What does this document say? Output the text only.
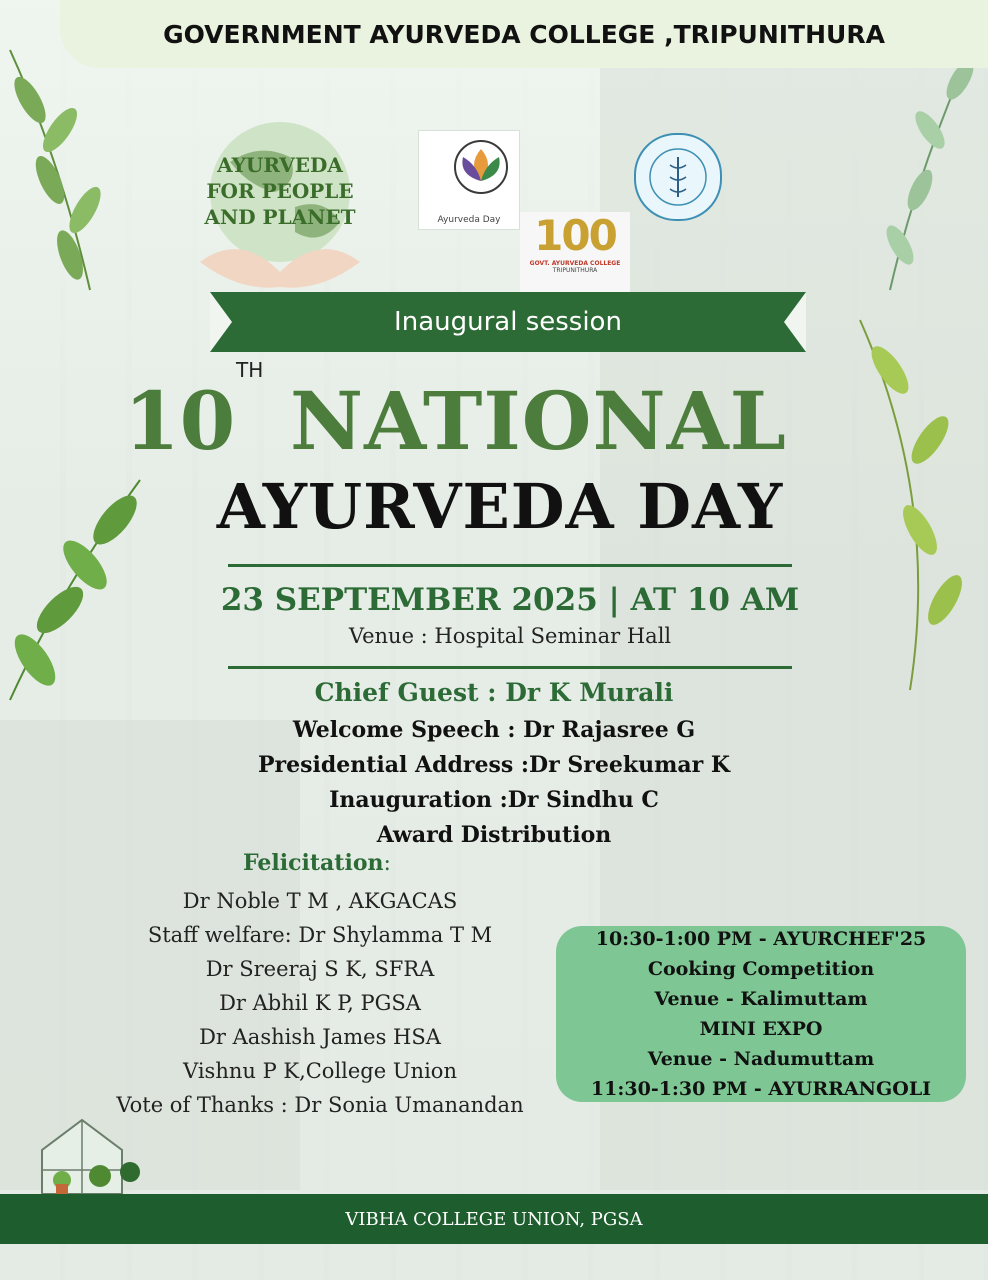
GOVERNMENT AYURVEDA COLLEGE ,TRIPUNITHURA
AYURVEDA
FOR PEOPLE
AND PLANET	Ayurveda Day 100
GOVT. AYURVEDA COLLEGE
TRIPUNITHURA
Inaugural session
10
TH
NATIONAL
AYURVEDA DAY
23 SEPTEMBER 2025 | AT 10 AM
Venue : Hospital Seminar Hall
Chief Guest : Dr K Murali
Welcome Speech : Dr Rajasree G
Presidential Address :Dr Sreekumar K
Inauguration :Dr Sindhu C
Award Distribution
Felicitation:
Dr Noble T M , AKGACAS
Staff welfare: Dr Shylamma T M
Dr Sreeraj S K, SFRA
Dr Abhil K P, PGSA
Dr Aashish James HSA
Vishnu P K,College Union
Vote of Thanks : Dr Sonia Umanandan
10:30-1:00 PM - AYURCHEF'25
Cooking Competition
Venue - Kalimuttam
MINI EXPO
Venue - Nadumuttam
11:30-1:30 PM - AYURRANGOLI
VIBHA COLLEGE UNION, PGSA
